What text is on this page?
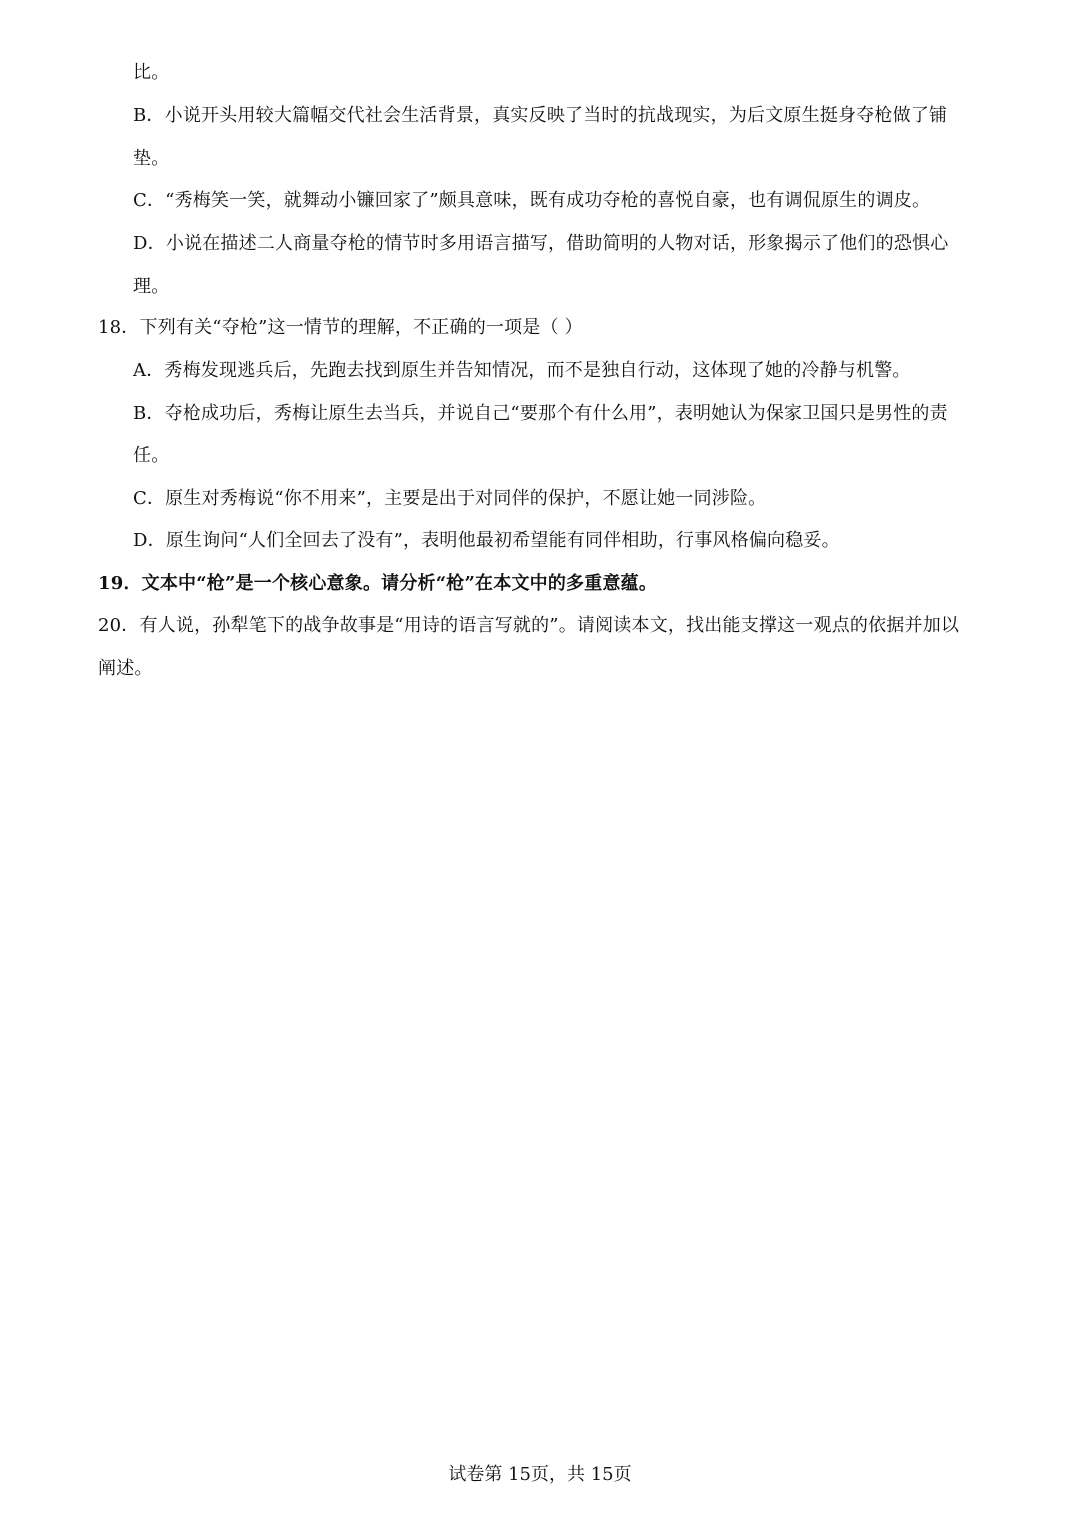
比。
B．小说开头用较大篇幅交代社会生活背景，真实反映了当时的抗战现实，为后文原生挺身夺枪做了铺
垫。
C．“秀梅笑一笑，就舞动小镰回家了”颇具意味，既有成功夺枪的喜悦自豪，也有调侃原生的调皮。
D．小说在描述二人商量夺枪的情节时多用语言描写，借助简明的人物对话，形象揭示了他们的恐惧心
理。
18．下列有关“夺枪”这一情节的理解，不正确的一项是（ ）
A．秀梅发现逃兵后，先跑去找到原生并告知情况，而不是独自行动，这体现了她的冷静与机警。
B．夺枪成功后，秀梅让原生去当兵，并说自己“要那个有什么用”，表明她认为保家卫国只是男性的责
任。
C．原生对秀梅说“你不用来”，主要是出于对同伴的保护，不愿让她一同涉险。
D．原生询问“人们全回去了没有”，表明他最初希望能有同伴相助，行事风格偏向稳妥。
19．文本中“枪”是一个核心意象。请分析“枪”在本文中的多重意蕴。
20．有人说，孙犁笔下的战争故事是“用诗的语言写就的”。请阅读本文，找出能支撑这一观点的依据并加以
阐述。
试卷第 15页，共 15页
